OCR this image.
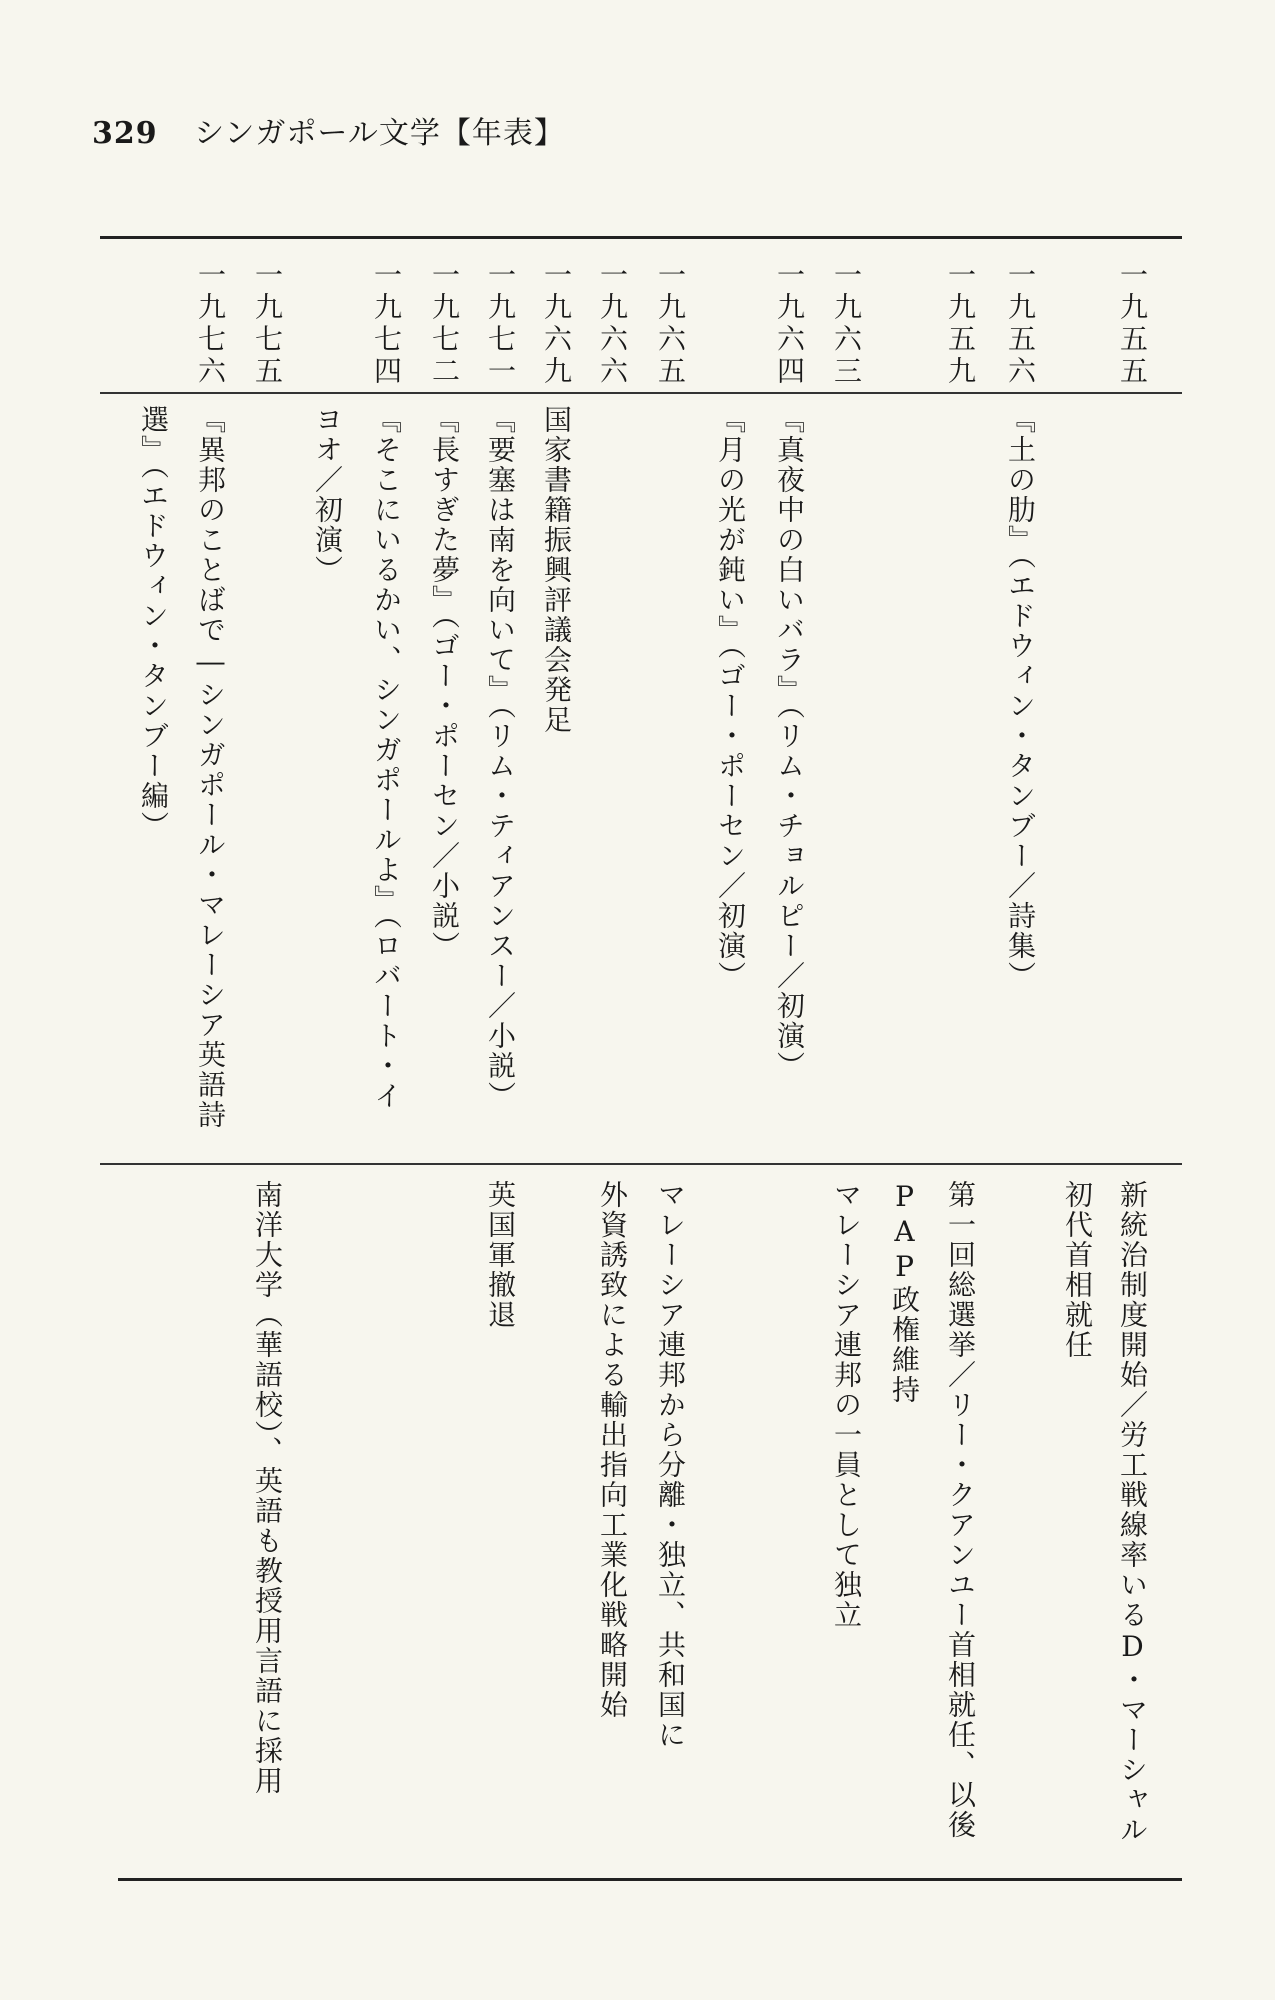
329 シンガポール文学【年表】
一九五五
一九五六
一九五九
一九六三
一九六四
一九六五
一九六六
一九六九
一九七一
一九七二
一九七四
一九七五
一九七六
『土の肋』（エドウィン・タンブー／詩集）
『真夜中の白いバラ』（リム・チョルピー／初演）
『月の光が鈍い』（ゴー・ポーセン／初演）
国家書籍振興評議会発足
『要塞は南を向いて』（リム・ティアンスー／小説）
『長すぎた夢』（ゴー・ポーセン／小説）
『そこにいるかい、シンガポールよ』（ロバート・イ
ヨオ／初演）
『異邦のことばで―シンガポール・マレーシア英語詩
選』（エドウィン・タンブー編）
新統治制度開始／労工戦線率いるD・マーシャル
初代首相就任
第一回総選挙／リー・クアンユー首相就任、以後
PAP政権維持
マレーシア連邦の一員として独立
マレーシア連邦から分離・独立、共和国に
外資誘致による輸出指向工業化戦略開始
英国軍撤退
南洋大学（華語校）、英語も教授用言語に採用
